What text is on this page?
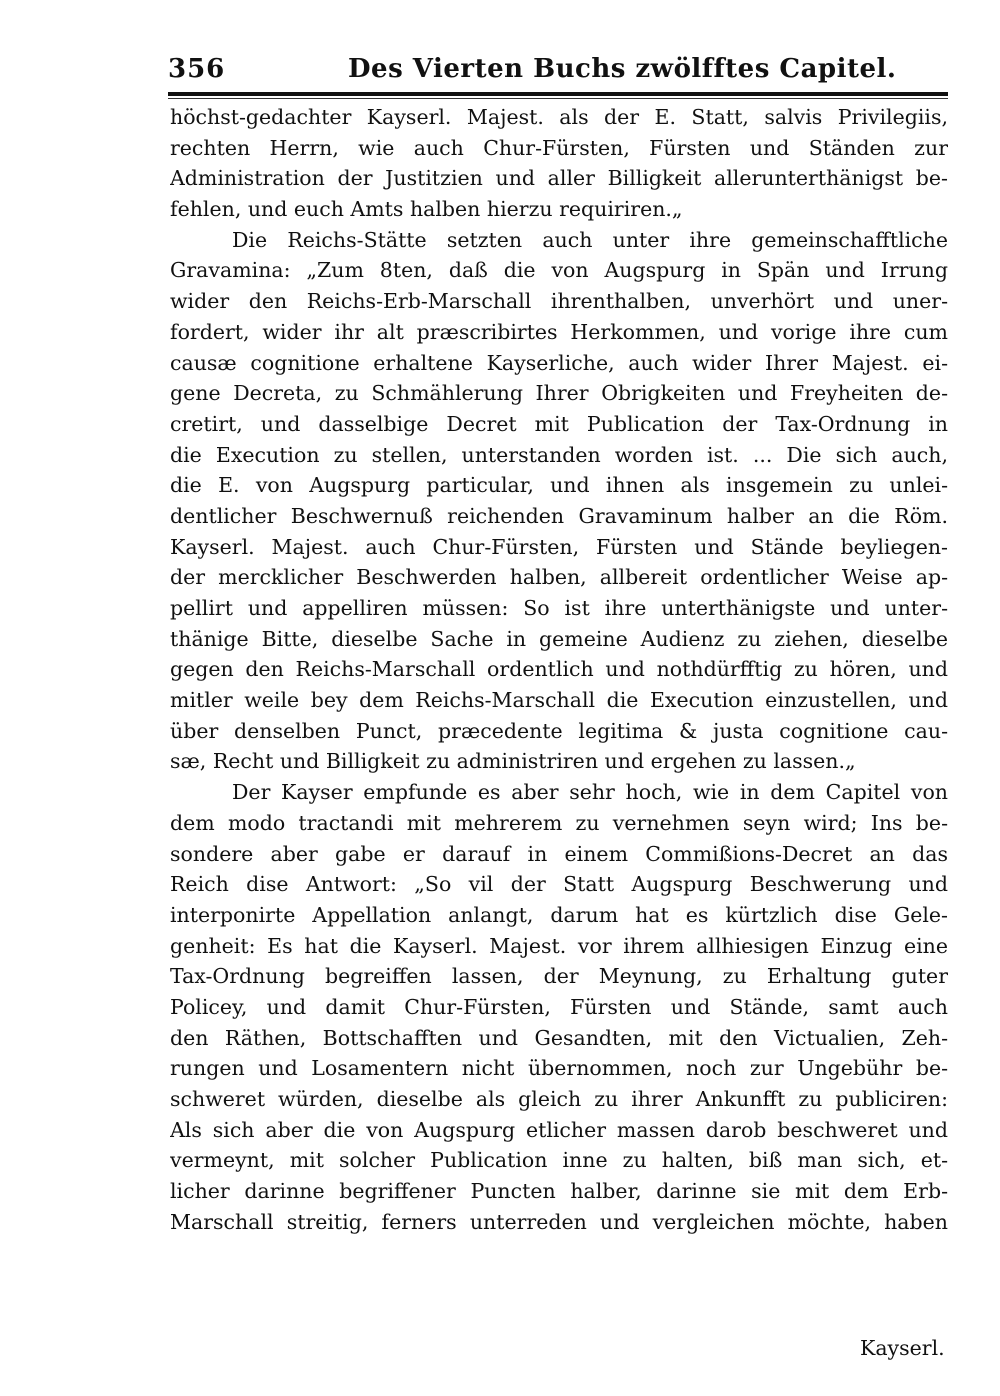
356	Des Vierten Buchs zwölfftes Capitel.
höchst-gedachter Kayserl. Majest. als der E. Statt, salvis Privilegiis,
rechten Herrn, wie auch Chur-Fürsten, Fürsten und Ständen zur
Administration der Justitzien und aller Billigkeit allerunterthänigst be-
fehlen, und euch Amts halben hierzu requiriren.„
Die Reichs-Stätte setzten auch unter ihre gemeinschafftliche
Gravamina: „Zum 8ten, daß die von Augspurg in Spän und Irrung
wider den Reichs-Erb-Marschall ihrenthalben, unverhört und uner-
fordert, wider ihr alt præscribirtes Herkommen, und vorige ihre cum
causæ cognitione erhaltene Kayserliche, auch wider Ihrer Majest. ei-
gene Decreta, zu Schmählerung Ihrer Obrigkeiten und Freyheiten de-
cretirt, und dasselbige Decret mit Publication der Tax-Ordnung in
die Execution zu stellen, unterstanden worden ist. ... Die sich auch,
die E. von Augspurg particular, und ihnen als insgemein zu unlei-
dentlicher Beschwernuß reichenden Gravaminum halber an die Röm.
Kayserl. Majest. auch Chur-Fürsten, Fürsten und Stände beyliegen-
der mercklicher Beschwerden halben, allbereit ordentlicher Weise ap-
pellirt und appelliren müssen: So ist ihre unterthänigste und unter-
thänige Bitte, dieselbe Sache in gemeine Audienz zu ziehen, dieselbe
gegen den Reichs-Marschall ordentlich und nothdürfftig zu hören, und
mitler weile bey dem Reichs-Marschall die Execution einzustellen, und
über denselben Punct, præcedente legitima & justa cognitione cau-
sæ, Recht und Billigkeit zu administriren und ergehen zu lassen.„
Der Kayser empfunde es aber sehr hoch, wie in dem Capitel von
dem modo tractandi mit mehrerem zu vernehmen seyn wird; Ins be-
sondere aber gabe er darauf in einem Commißions-Decret an das
Reich dise Antwort: „So vil der Statt Augspurg Beschwerung und
interponirte Appellation anlangt, darum hat es kürtzlich dise Gele-
genheit: Es hat die Kayserl. Majest. vor ihrem allhiesigen Einzug eine
Tax-Ordnung begreiffen lassen, der Meynung, zu Erhaltung guter
Policey, und damit Chur-Fürsten, Fürsten und Stände, samt auch
den Räthen, Bottschafften und Gesandten, mit den Victualien, Zeh-
rungen und Losamentern nicht übernommen, noch zur Ungebühr be-
schweret würden, dieselbe als gleich zu ihrer Ankunfft zu publiciren:
Als sich aber die von Augspurg etlicher massen darob beschweret und
vermeynt, mit solcher Publication inne zu halten, biß man sich, et-
licher darinne begriffener Puncten halber, darinne sie mit dem Erb-
Marschall streitig, ferners unterreden und vergleichen möchte, haben
Kayserl.
